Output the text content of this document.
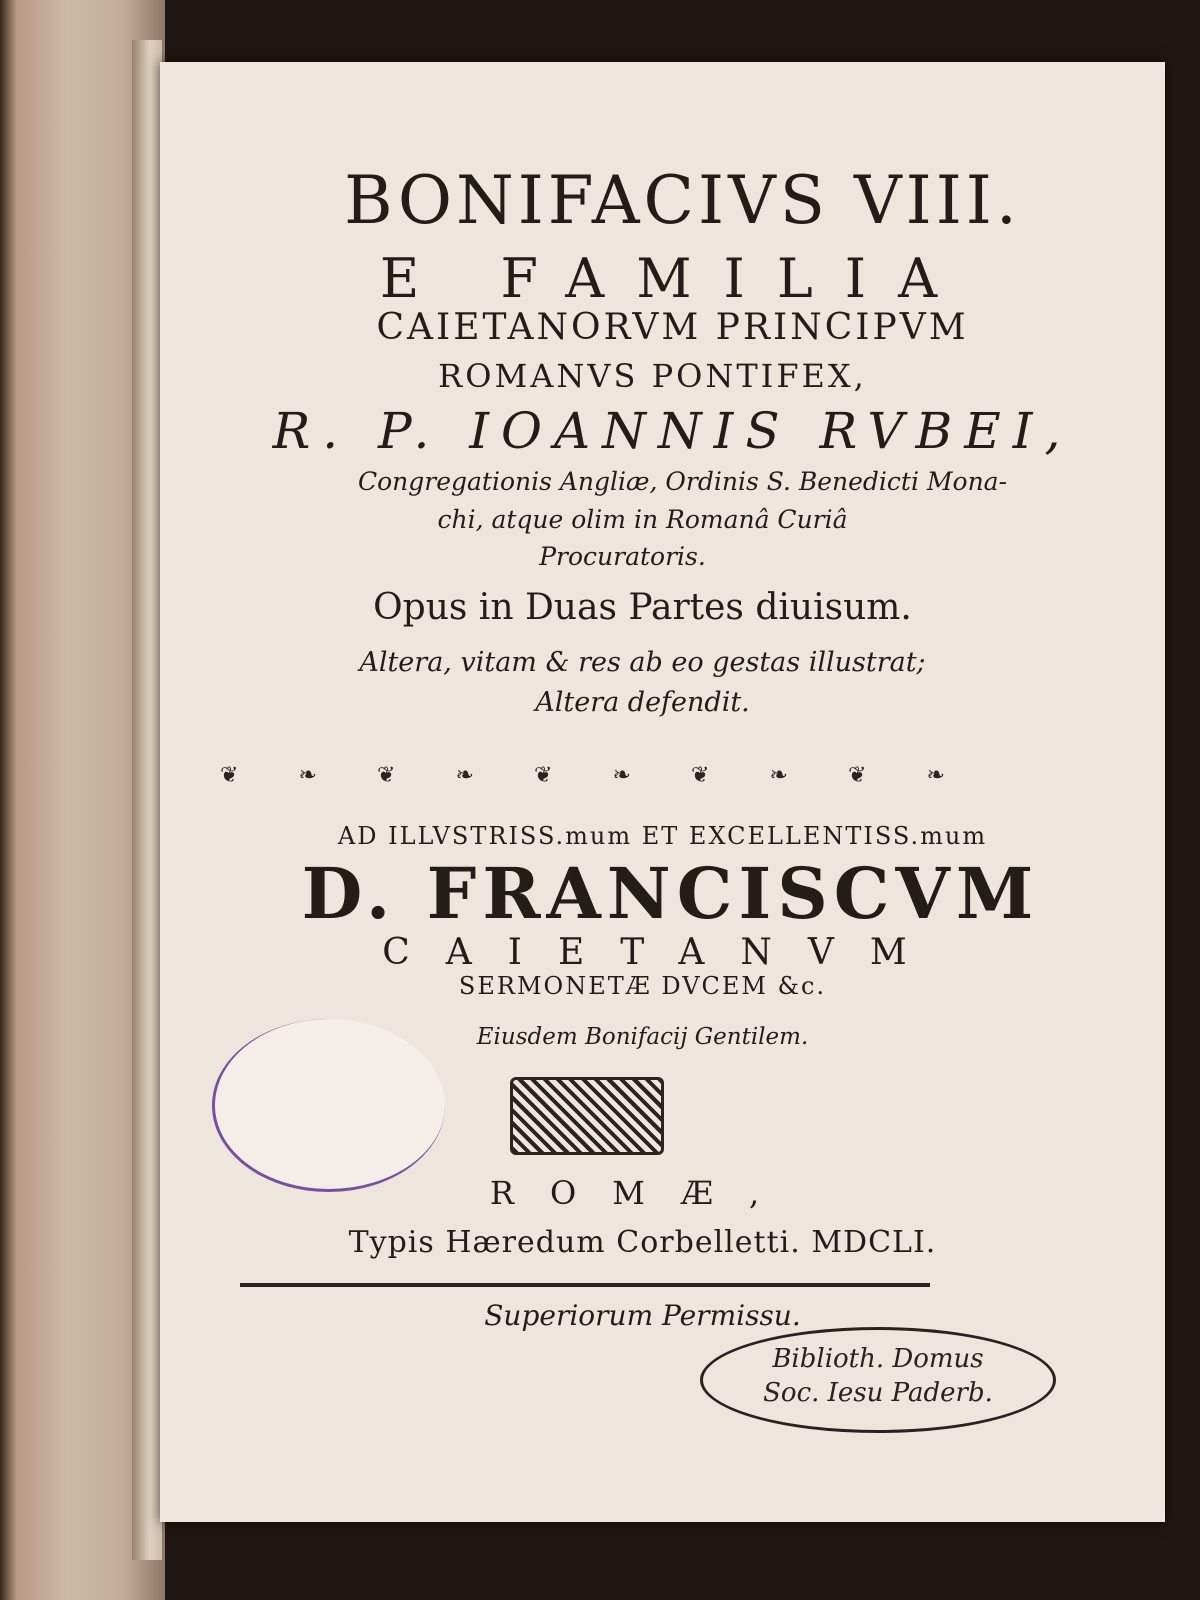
BONIFACIVS VIII.
E FAMILIA
CAIETANORVM PRINCIPVM
ROMANVS PONTIFEX,
R. P. IOANNIS RVBEI,
Congregationis Angliæ, Ordinis S. Benedicti Mona-
chi, atque olim in Romanâ Curiâ
Procuratoris.
Opus in Duas Partes diuisum.
Altera, vitam & res ab eo gestas illustrat;
Altera defendit.
❦	❧	❦	❧	❦	❧	❦	❧	❦	❧
AD ILLVSTRISS.mum ET EXCELLENTISS.mum
D. FRANCISCVM
CAIETANVM
SERMONETÆ DVCEM &c.
Eiusdem Bonifacij Gentilem.
ROMÆ,
Typis Hæredum Corbelletti. MDCLI.
Superiorum Permissu.
Biblioth. Domus
Soc. Iesu Paderb.
